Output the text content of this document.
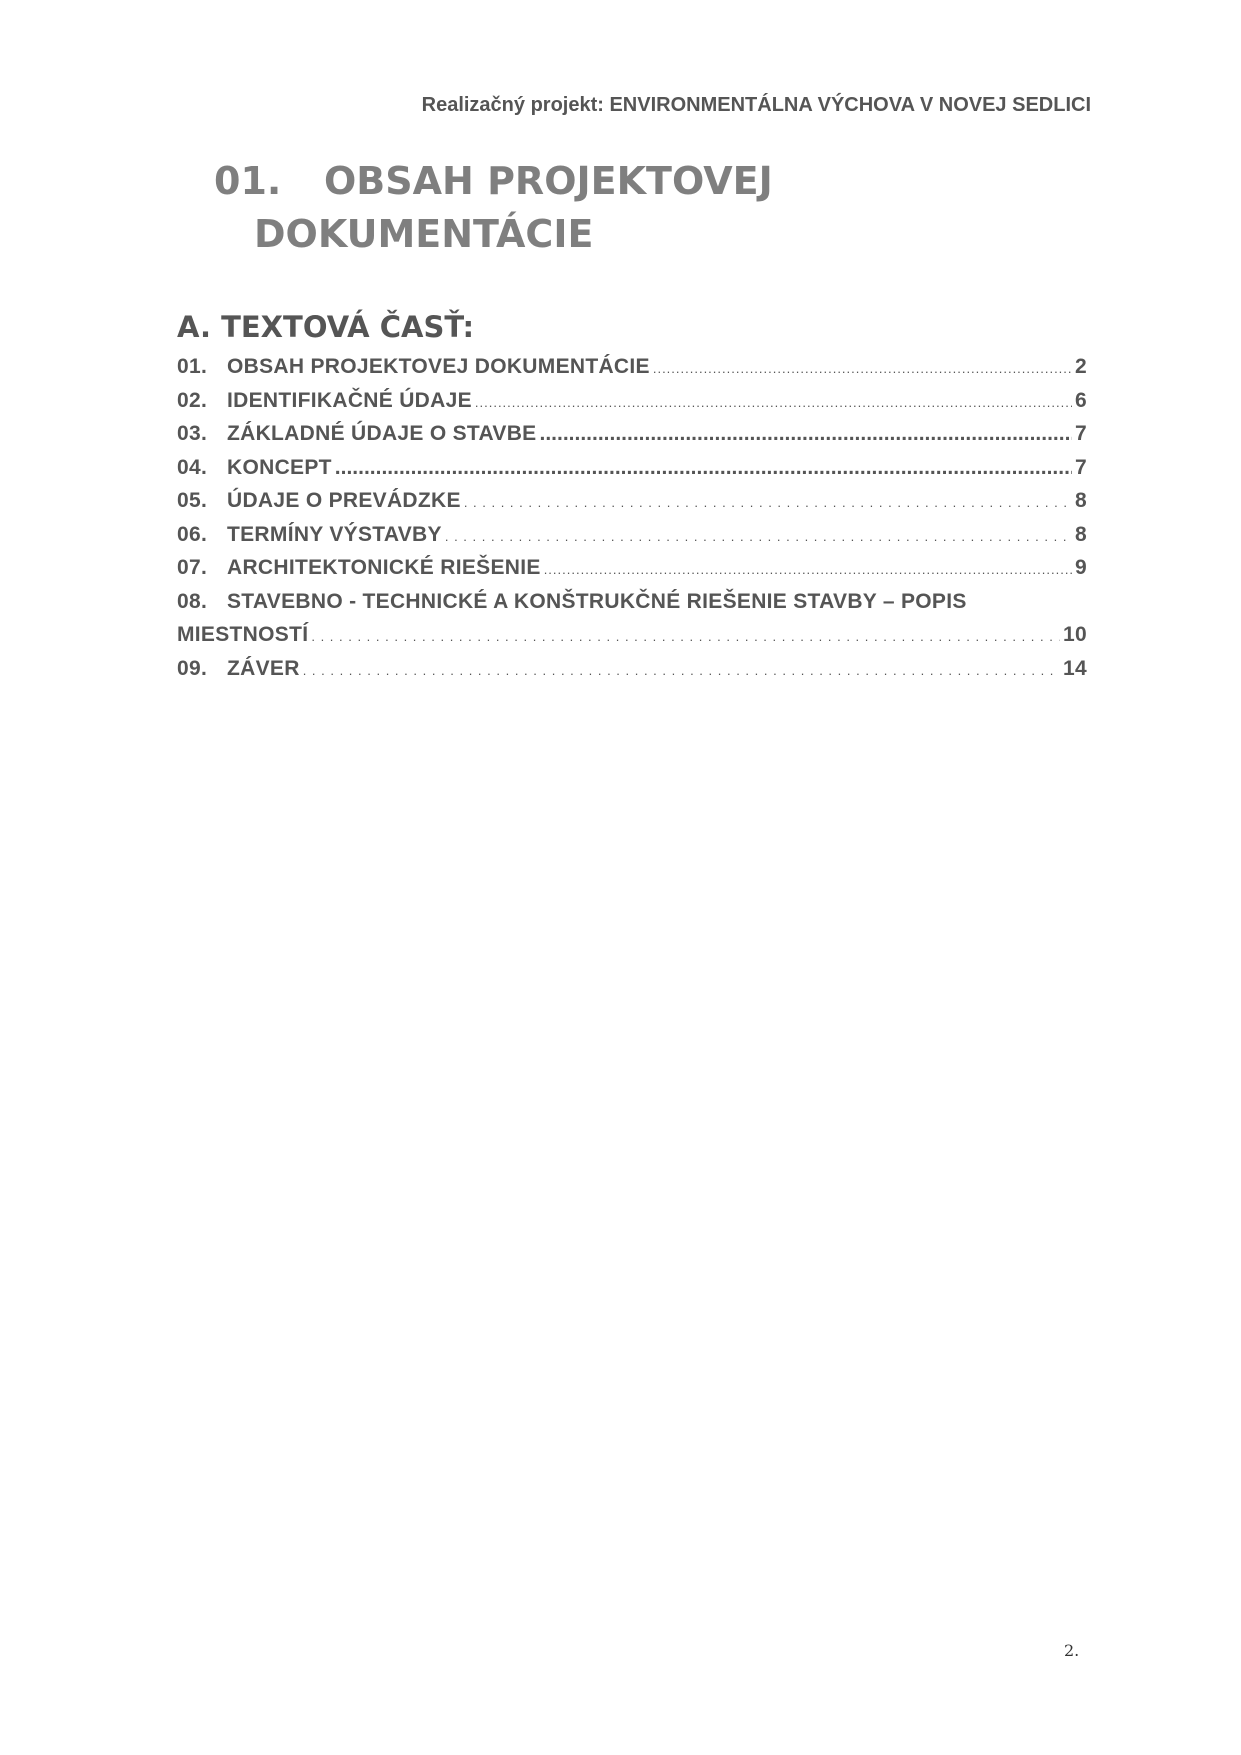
Realizačný projekt: ENVIRONMENTÁLNA VÝCHOVA V NOVEJ SEDLICI
01. OBSAH PROJEKTOVEJ
DOKUMENTÁCIE
A. TEXTOVÁ ČASŤ:
01. OBSAH PROJEKTOVEJ DOKUMENTÁCIE .....	2
02. IDENTIFIKAČNÉ ÚDAJE .....	6
03. ZÁKLADNÉ ÚDAJE O STAVBE .....	7
04. KONCEPT .....	7
05. ÚDAJE O PREVÁDZKE . . .	8
06. TERMÍNY VÝSTAVBY . . .	8
07. ARCHITEKTONICKÉ RIEŠENIE .....	9
08. STAVEBNO - TECHNICKÉ A KONŠTRUKČNÉ RIEŠENIE STAVBY – POPIS
MIESTNOSTÍ . . .	10
09. ZÁVER . . .	14
2.
